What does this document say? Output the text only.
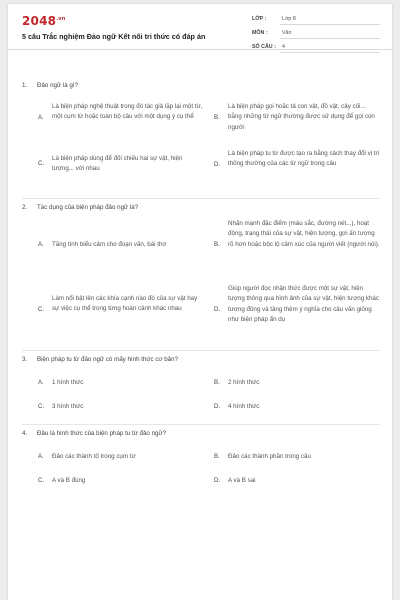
$2048^{.vn}$
5 câu Trắc nghiệm Đảo ngữ Kết nối tri thức có đáp án
LỚP :	Lớp 8
MÔN :	Văn
SỐ CÂU : 4
1. Đảo ngữ là gì?
A.
Là biện pháp nghệ thuật trong đó tác giả lặp lại một từ, một cụm từ hoặc toàn bộ câu với một dụng ý cụ thể	B.
Là biện pháp gọi hoặc tả con vật, đồ vật, cây cối... bằng những từ ngữ thường được sử dụng để gọi con người
C.
Là biện pháp dùng để đối chiếu hai sự vật, hiện tượng... với nhau
D.
Là biện pháp tu từ được tạo ra bằng cách thay đổi vị trí thông thường của các từ ngữ trong câu
2. Tác dụng của biện pháp đảo ngữ là?
A. Tăng tính biểu cảm cho đoạn văn, bài thơ	B.
Nhấn mạnh đặc điểm (màu sắc, đường nét...), hoạt động, trạng thái của sự vật, hiện tượng, gợi ấn tượng rõ hơn hoặc bộc lộ cảm xúc của người viết (người nói).
C.
Làm nổi bật lên các khía cạnh nào đó của sự vật hay sự việc cụ thể trong từng hoàn cảnh khác nhau	D.
Giúp người đọc nhận thức được một sự vật, hiện tượng thông qua hình ảnh của sự vật, hiện tượng khác tương đồng và tăng thêm ý nghĩa cho câu văn giống như biện pháp ẩn dụ
3. Biện pháp tu từ đảo ngữ có mấy hình thức cơ bản?
A. 1 hình thức	B. 2 hình thức
C. 3 hình thức	D. 4 hình thức
4. Đâu là hình thức của biện pháp tu từ đảo ngữ?
A. Đảo các thành tố trong cụm từ	B. Đảo các thành phần trong câu
C. A và B đúng	D. A và B sai
